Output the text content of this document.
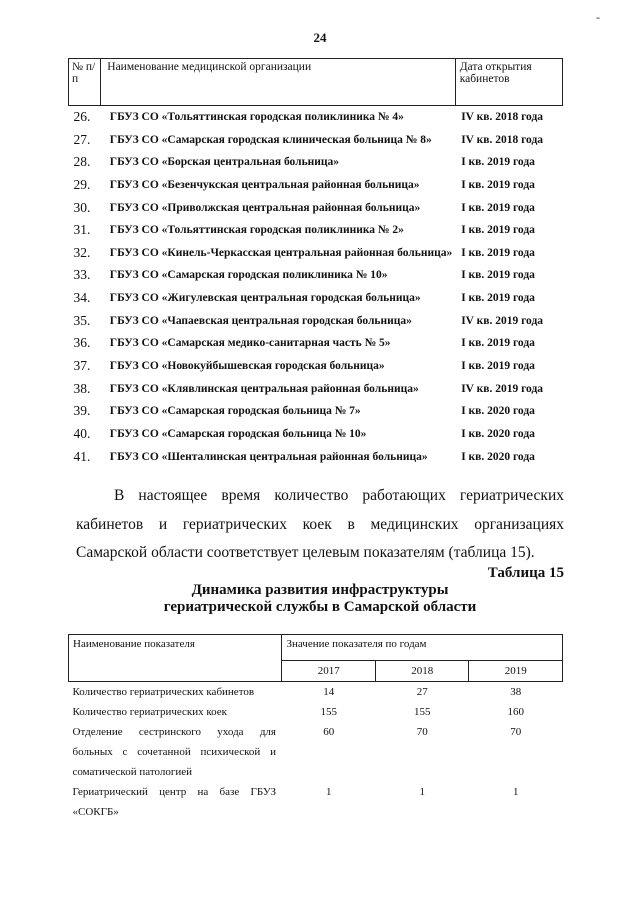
-
24
№ п/п	Наименование медицинской организации	Дата открытия кабинетов
26.	ГБУЗ СО «Тольяттинская городская поликлиника № 4»	IV кв. 2018 года
27.	ГБУЗ СО «Самарская городская клиническая больница № 8»	IV кв. 2018 года
28.	ГБУЗ СО «Борская центральная больница»	I кв. 2019 года
29.	ГБУЗ СО «Безенчукская центральная районная больница»	I кв. 2019 года
30.	ГБУЗ СО «Приволжская центральная районная больница»	I кв. 2019 года
31.	ГБУЗ СО «Тольяттинская городская поликлиника № 2»	I кв. 2019 года
32.	ГБУЗ СО «Кинель-Черкасская центральная районная больница»	I кв. 2019 года
33.	ГБУЗ СО «Самарская городская поликлиника № 10»	I кв. 2019 года
34.	ГБУЗ СО «Жигулевская центральная городская больница»	I кв. 2019 года
35.	ГБУЗ СО «Чапаевская центральная городская больница»	IV кв. 2019 года
36.	ГБУЗ СО «Самарская медико-санитарная часть № 5»	I кв. 2019 года
37.	ГБУЗ СО «Новокуйбышевская городская больница»	I кв. 2019 года
38.	ГБУЗ СО «Клявлинская центральная районная больница»	IV кв. 2019 года
39.	ГБУЗ СО «Самарская городская больница № 7»	I кв. 2020 года
40.	ГБУЗ СО «Самарская городская больница № 10»	I кв. 2020 года
41.	ГБУЗ СО «Шенталинская центральная районная больница»	I кв. 2020 года
В настоящее время количество работающих гериатрических кабинетов и гериатрических коек в медицинских организациях Самарской области соответствует целевым показателям (таблица 15).
Таблица 15
Динамика развития инфраструктуры
гериатрической службы в Самарской области
Наименование показателя	Значение показателя по годам		
	2017	2018	2019
Количество гериатрических кабинетов	14	27	38
Количество гериатрических коек	155	155	160
Отделение сестринского ухода для больных с сочетанной психической и соматической патологией	60	70	70
Гериатрический центр на базе ГБУЗ «СОКГБ»	1	1	1
